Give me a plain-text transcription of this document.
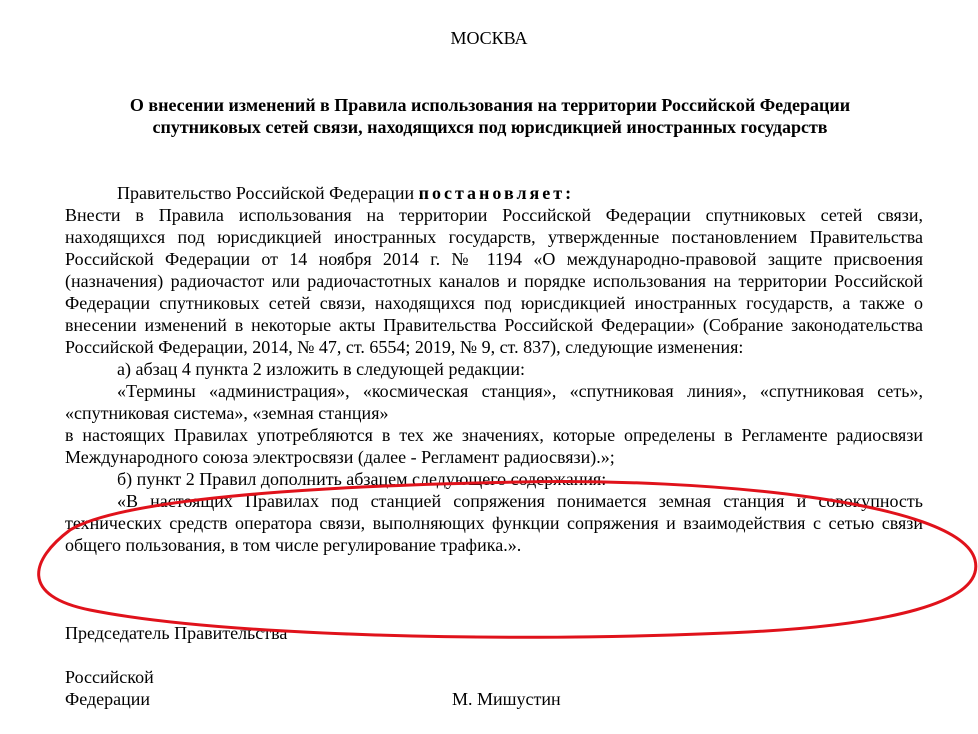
МОСКВА
О внесении изменений в Правила использования на территории Российской Федерации
спутниковых сетей связи, находящихся под юрисдикцией иностранных государств

Правительство Российской Федерации постановляет:

Внести в Правила использования на территории Российской Федерации спутниковых сетей связи, находящихся под юрисдикцией иностранных государств, утвержденные постановлением Правительства Российской Федерации от 14 ноября 2014 г. № 1194 «О международно-правовой защите присвоения (назначения) радиочастот или радиочастотных каналов и порядке использования на территории Российской Федерации спутниковых сетей связи, находящихся под юрисдикцией иностранных государств, а также о внесении изменений в некоторые акты Правительства Российской Федерации» (Собрание законодательства Российской Федерации, 2014, № 47, ст. 6554; 2019, № 9, ст. 837), следующие изменения:

а) абзац 4 пункта 2 изложить в следующей редакции:

«Термины «администрация», «космическая станция», «спутниковая линия», «спутниковая сеть», «спутниковая система», «земная станция»

в настоящих Правилах употребляются в тех же значениях, которые определены в Регламенте радиосвязи Международного союза электросвязи (далее - Регламент радиосвязи).»;

б) пункт 2 Правил дополнить абзацем следующего содержания:

«В настоящих Правилах под станцией сопряжения понимается земная станция и совокупность технических средств оператора связи, выполняющих функции сопряжения и взаимодействия с сетью связи общего пользования, в том числе регулирование трафика.».

Председатель Правительства
Российской
Федерации	М. Мишустин
